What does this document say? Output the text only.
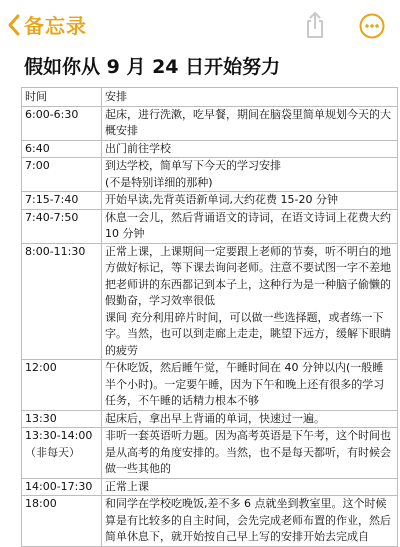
备忘录
假如你从 9 月 24 日开始努力
时间	安排
6:00-6:30	起床，进行洗漱，吃早餐，期间在脑袋里简单规划今天的大概安排
6:40	出门前往学校
7:00	到达学校，简单写下今天的学习安排
(不是特别详细的那种)
7:15-7:40	开始早读,先背英语新单词,大约花费 15-20 分钟
7:40-7:50	休息一会儿，然后背诵语文的诗词，在语文诗词上花费大约 10 分钟
8:00-11:30	正常上课，上课期间一定要跟上老师的节奏，听不明白的地方做好标记，等下课去询问老师。注意不要试图一字不差地把老师讲的东西都记到本子上，这种行为是一种脑子偷懒的假勤奋，学习效率很低
课间 充分利用碎片时间，可以做一些选择题，或者练一下字。当然，也可以到走廊上走走，眺望下远方，缓解下眼睛的疲劳
12:00	午休吃饭，然后睡午觉，午睡时间在 40 分钟以内(一般睡半个小时)。一定要午睡，因为下午和晚上还有很多的学习任务，不午睡的话精力根本不够
13:30	起床后，拿出早上背诵的单词，快速过一遍。
13:30-14:00
（非每天）	非听一套英语听力题。因为高考英语是下午考，这个时间也是从高考的角度安排的。当然，也不是每天都听，有时候会做一些其他的
14:00-17:30	正常上课
18:00	和同学在学校吃晚饭,差不多 6 点就坐到教室里。这个时候算是有比较多的自主时间，会先完成老师布置的作业，然后简单休息下，就开始按自己早上写的安排开始去完成自
